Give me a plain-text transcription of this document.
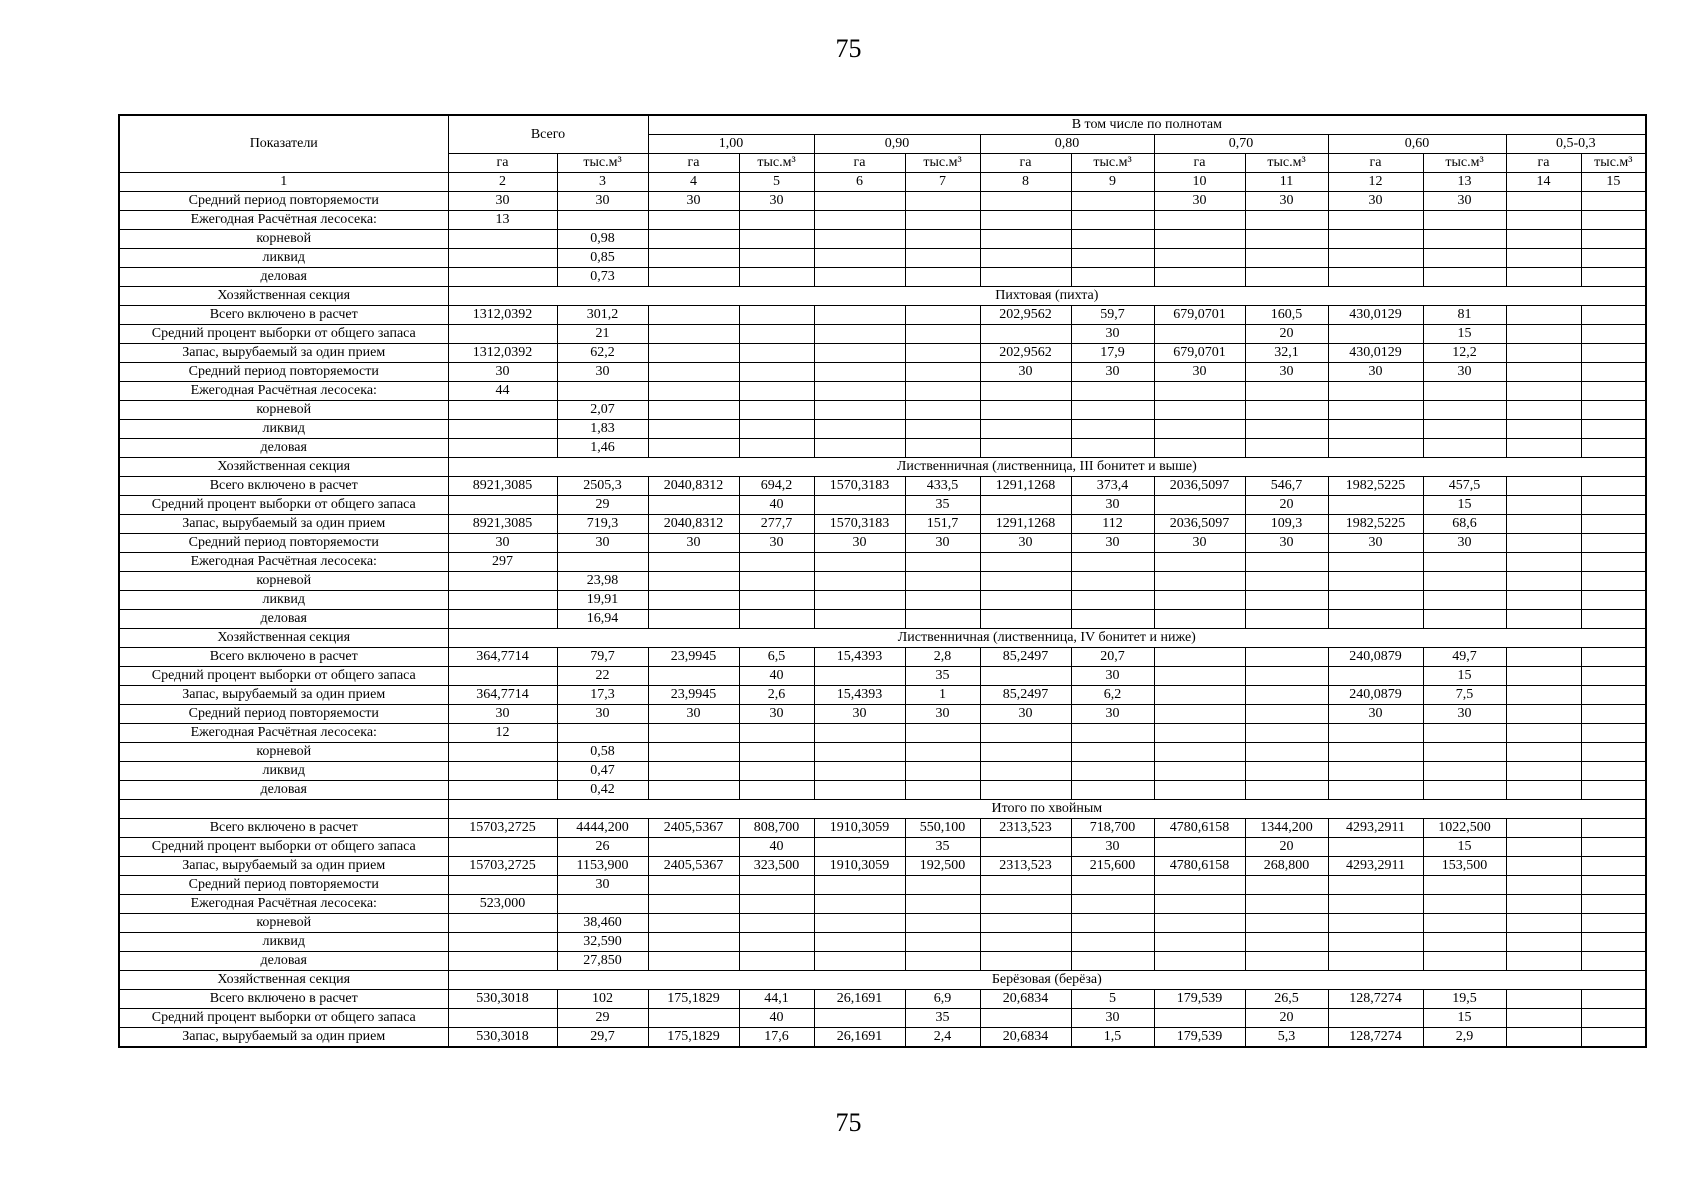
75
Показатели	Всего		В том числе по полнотам											
			1,00		0,90		0,80		0,70		0,60		0,5-0,3	
	га	тыс.м³	га	тыс.м³	га	тыс.м³	га	тыс.м³	га	тыс.м³	га	тыс.м³	га	тыс.м³
1	2	3	4	5	6	7	8	9	10	11	12	13	14	15
Средний период повторяемости	30	30	30	30					30	30	30	30		
Ежегодная Расчётная лесосека:	13													
корневой		0,98												
ликвид		0,85												
деловая		0,73												
Хозяйственная секция	Пихтовая (пихта)													
Всего включено в расчет	1312,0392	301,2					202,9562	59,7	679,0701	160,5	430,0129	81		
Средний процент выборки от общего запаса		21						30		20		15		
Запас, вырубаемый за один прием	1312,0392	62,2					202,9562	17,9	679,0701	32,1	430,0129	12,2		
Средний период повторяемости	30	30					30	30	30	30	30	30		
Ежегодная Расчётная лесосека:	44													
корневой		2,07												
ликвид		1,83												
деловая		1,46												
Хозяйственная секция	Лиственничная (лиственница, III бонитет и выше)													
Всего включено в расчет	8921,3085	2505,3	2040,8312	694,2	1570,3183	433,5	1291,1268	373,4	2036,5097	546,7	1982,5225	457,5		
Средний процент выборки от общего запаса		29		40		35		30		20		15		
Запас, вырубаемый за один прием	8921,3085	719,3	2040,8312	277,7	1570,3183	151,7	1291,1268	112	2036,5097	109,3	1982,5225	68,6		
Средний период повторяемости	30	30	30	30	30	30	30	30	30	30	30	30		
Ежегодная Расчётная лесосека:	297													
корневой		23,98												
ликвид		19,91												
деловая		16,94												
Хозяйственная секция	Лиственничная (лиственница, IV бонитет и ниже)													
Всего включено в расчет	364,7714	79,7	23,9945	6,5	15,4393	2,8	85,2497	20,7			240,0879	49,7		
Средний процент выборки от общего запаса		22		40		35		30				15		
Запас, вырубаемый за один прием	364,7714	17,3	23,9945	2,6	15,4393	1	85,2497	6,2			240,0879	7,5		
Средний период повторяемости	30	30	30	30	30	30	30	30			30	30		
Ежегодная Расчётная лесосека:	12													
корневой		0,58												
ликвид		0,47												
деловая		0,42												
	Итого по хвойным													
Всего включено в расчет	15703,2725	4444,200	2405,5367	808,700	1910,3059	550,100	2313,523	718,700	4780,6158	1344,200	4293,2911	1022,500		
Средний процент выборки от общего запаса		26		40		35		30		20		15		
Запас, вырубаемый за один прием	15703,2725	1153,900	2405,5367	323,500	1910,3059	192,500	2313,523	215,600	4780,6158	268,800	4293,2911	153,500		
Средний период повторяемости		30												
Ежегодная Расчётная лесосека:	523,000													
корневой		38,460												
ликвид		32,590												
деловая		27,850												
Хозяйственная секция	Берёзовая (берёза)													
Всего включено в расчет	530,3018	102	175,1829	44,1	26,1691	6,9	20,6834	5	179,539	26,5	128,7274	19,5		
Средний процент выборки от общего запаса		29		40		35		30		20		15		
Запас, вырубаемый за один прием	530,3018	29,7	175,1829	17,6	26,1691	2,4	20,6834	1,5	179,539	5,3	128,7274	2,9		
75
